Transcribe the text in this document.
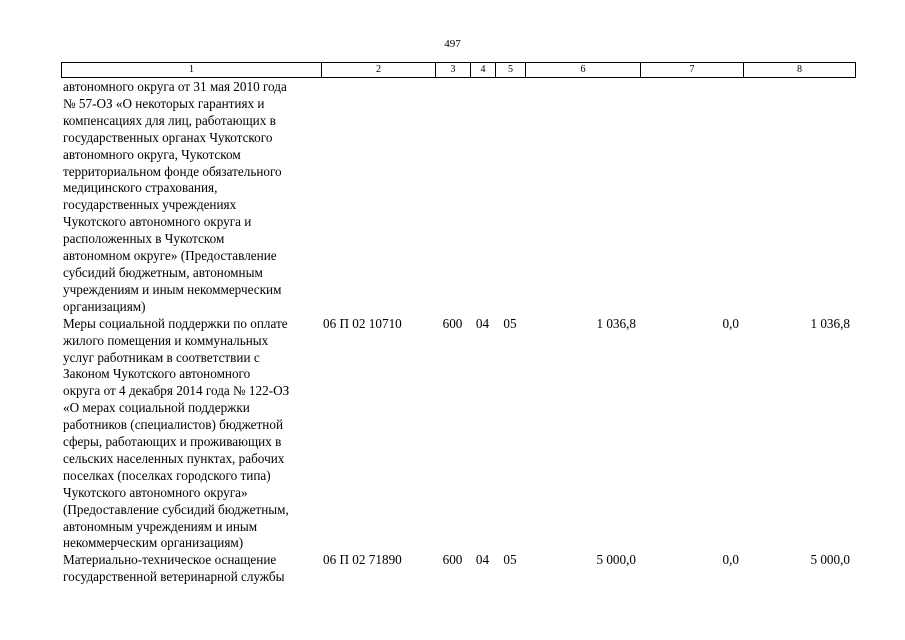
497
1	2	3	4	5	6	7	8
автономного округа от 31 мая 2010 года
№ 57-ОЗ «О некоторых гарантиях и
компенсациях для лиц, работающих в
государственных органах Чукотского
автономного округа, Чукотском
территориальном фонде обязательного
медицинского страхования,
государственных учреждениях
Чукотского автономного округа и
расположенных в Чукотском
автономном округе» (Предоставление
субсидий бюджетным, автономным
учреждениям и иным некоммерческим
организациям)
Меры социальной поддержки по оплате
жилого помещения и коммунальных
услуг работникам в соответствии с
Законом Чукотского автономного
округа от 4 декабря 2014 года № 122-ОЗ
«О мерах социальной поддержки
работников (специалистов) бюджетной
сферы, работающих и проживающих в
сельских населенных пунктах, рабочих
поселках (поселках городского типа)
Чукотского автономного округа»
(Предоставление субсидий бюджетным,
автономным учреждениям и иным
некоммерческим организациям)
06 П 02 10710	600	04	05	1 036,8	0,0	1 036,8
Материально-техническое оснащение
государственной ветеринарной службы
06 П 02 71890	600	04	05	5 000,0	0,0	5 000,0
